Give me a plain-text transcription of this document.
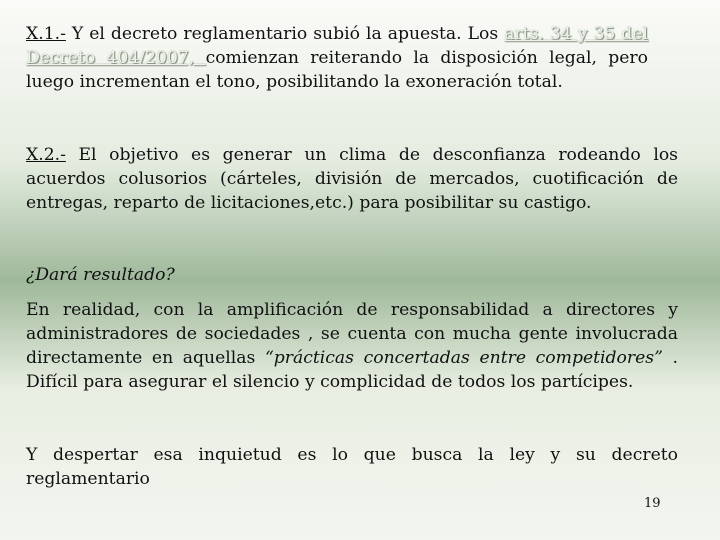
X.1.- Y el decreto reglamentario subió la apuesta. Los arts. 34 y 35 del Decreto 404/2007, comienzan reiterando la disposición legal, pero luego incrementan el tono, posibilitando la exoneración total.

X.2.- El objetivo es generar un clima de desconfianza rodeando los acuerdos colusorios (cárteles, división de mercados, cuotificación de entregas, reparto de licitaciones,etc.) para posibilitar su castigo.

¿Dará resultado?

En realidad, con la amplificación de responsabilidad a directores y administradores de sociedades , se cuenta con mucha gente involucrada directamente en aquellas “prácticas concertadas entre competidores” . Difícil para asegurar el silencio y complicidad de todos los partícipes.

Y despertar esa inquietud es lo que busca la ley y su decreto reglamentario

19
